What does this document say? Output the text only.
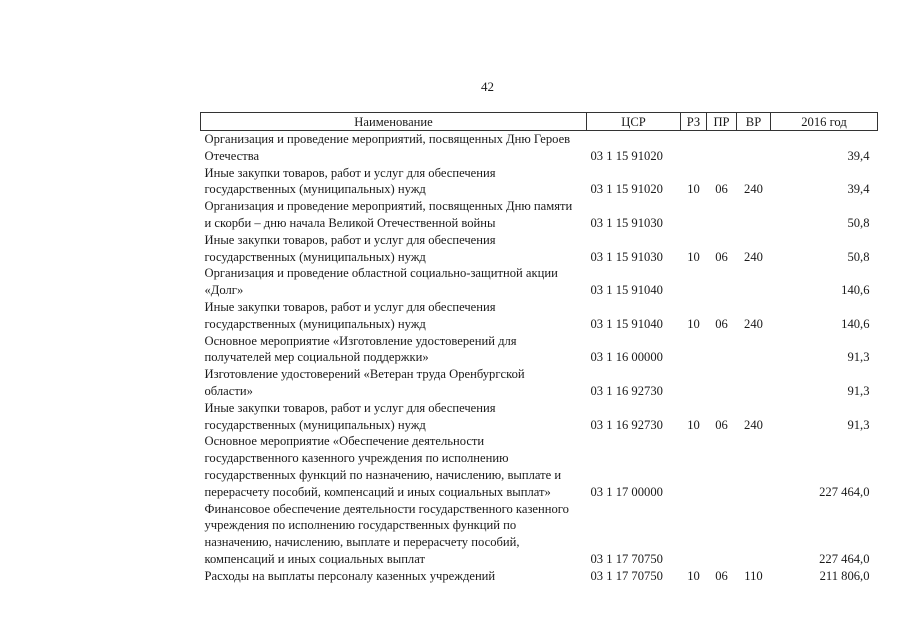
42
Наименование	ЦСР	РЗ	ПР	ВР	2016 год

Организация и проведение мероприятий, посвященных Дню Героев
Отечества	03 1 15 91020				39,4

Иные закупки товаров, работ и услуг для обеспечения
государственных (муниципальных) нужд	03 1 15 91020	10	06	240	39,4

Организация и проведение мероприятий, посвященных Дню памяти
и скорби – дню начала Великой Отечественной войны	03 1 15 91030				50,8

Иные закупки товаров, работ и услуг для обеспечения
государственных (муниципальных) нужд	03 1 15 91030	10	06	240	50,8

Организация и проведение областной социально-защитной акции
«Долг»	03 1 15 91040				140,6

Иные закупки товаров, работ и услуг для обеспечения
государственных (муниципальных) нужд	03 1 15 91040	10	06	240	140,6

Основное мероприятие «Изготовление удостоверений для
получателей мер социальной поддержки»	03 1 16 00000				91,3

Изготовление удостоверений «Ветеран труда Оренбургской
области»	03 1 16 92730				91,3

Иные закупки товаров, работ и услуг для обеспечения
государственных (муниципальных) нужд	03 1 16 92730	10	06	240	91,3

Основное мероприятие «Обеспечение деятельности
государственного казенного учреждения по исполнению
государственных функций по назначению, начислению, выплате и
перерасчету пособий, компенсаций и иных социальных выплат»	03 1 17 00000				227 464,0

Финансовое обеспечение деятельности государственного казенного
учреждения по исполнению государственных функций по
назначению, начислению, выплате и перерасчету пособий,
компенсаций и иных социальных выплат	03 1 17 70750				227 464,0

Расходы на выплаты персоналу казенных учреждений	03 1 17 70750	10	06	110	211 806,0
